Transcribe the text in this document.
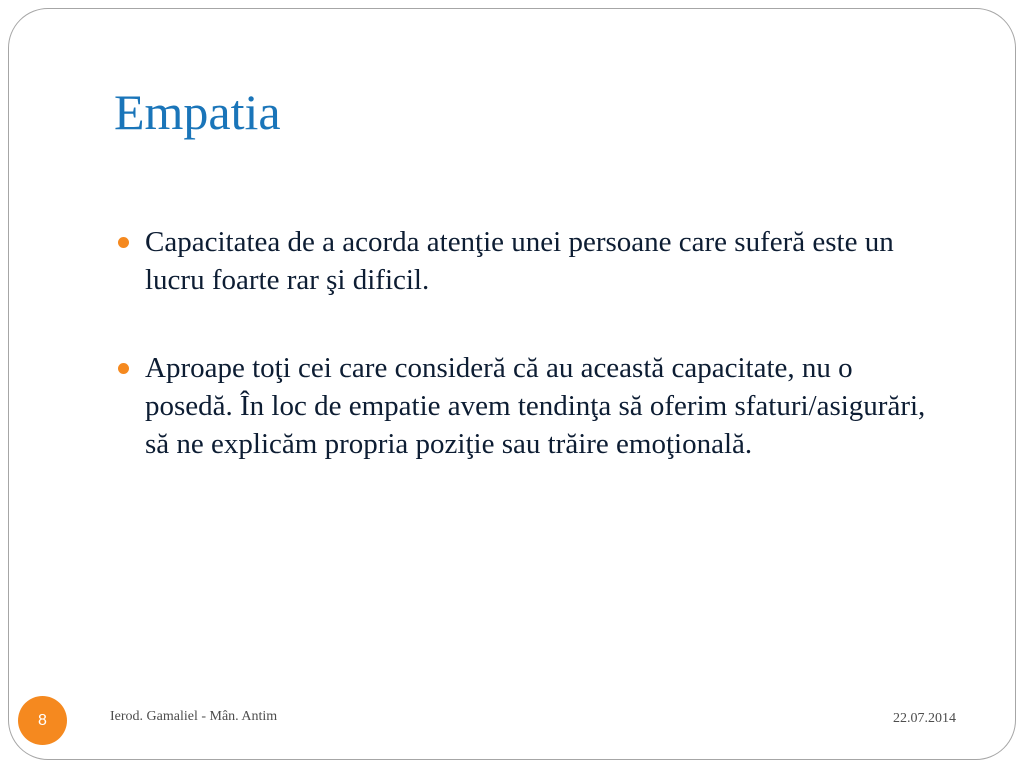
Empatia
Capacitatea de a acorda atenţie unei persoane care suferă este un lucru foarte rar şi dificil.
Aproape toţi cei care consideră că au această capacitate, nu o posedă. În loc de empatie avem tendinţa să oferim sfaturi/asigurări, să ne explicăm propria poziţie sau trăire emoţională.
8	Ierod. Gamaliel - Mân. Antim	22.07.2014
